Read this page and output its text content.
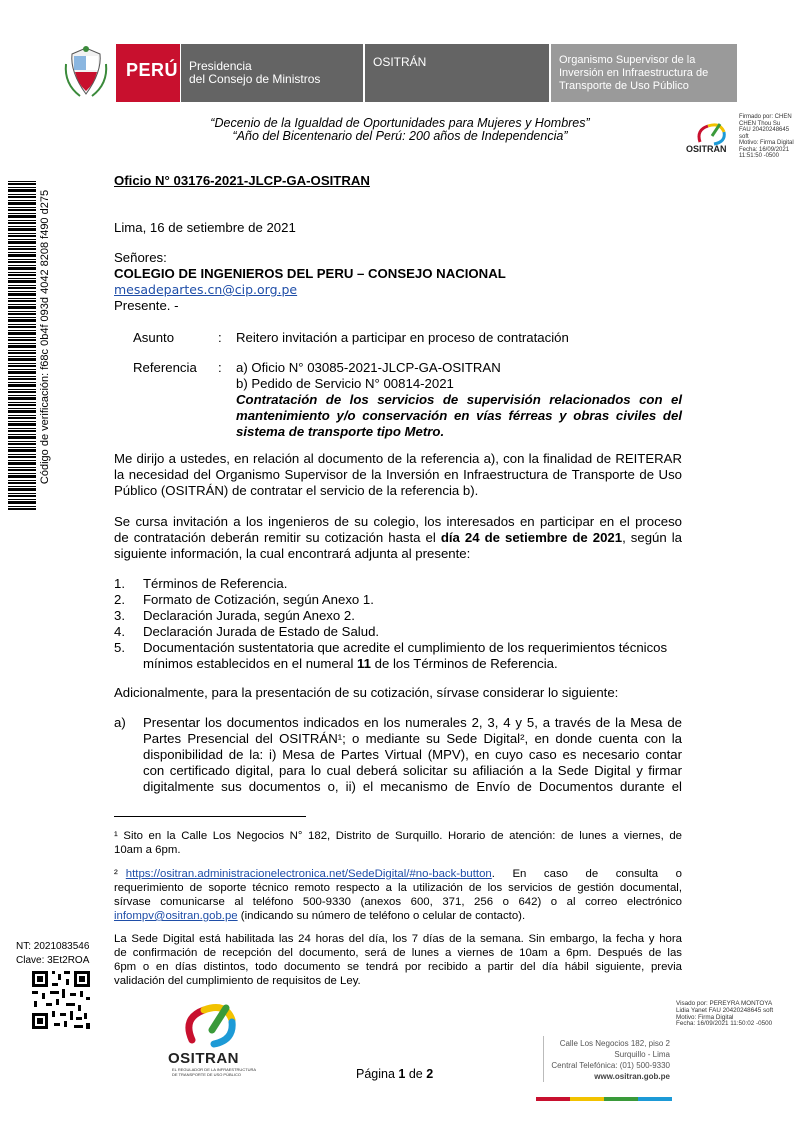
PERÚ Presidencia
del Consejo de Ministros
OSITRÁN	Organismo Supervisor de la
Inversión en Infraestructura de
Transporte de Uso Público
“Decenio de la Igualdad de Oportunidades para Mujeres y Hombres”
“Año del Bicentenario del Perú: 200 años de Independencia”
OSITRAN
Firmado por: CHEN
CHEN Thou Su
FAU 20420248645
soft
Motivo: Firma Digital
Fecha: 16/09/2021
11:51:50 -0500
Código de verificación: f68c 0b4f 093d 4042 8208 f490 d275
Oficio N° 03176-2021-JLCP-GA-OSITRAN
Lima, 16 de setiembre de 2021
Señores:
COLEGIO DE INGENIEROS DEL PERU – CONSEJO NACIONAL
mesadepartes.cn@cip.org.pe
Presente. -
Asunto	: Reitero invitación a participar en proceso de contratación
Referencia : a) Oficio N° 03085-2021-JLCP-GA-OSITRAN
b) Pedido de Servicio N° 00814-2021
Contratación de los servicios de supervisión relacionados con el
mantenimiento y/o conservación en vías férreas y obras civiles del
sistema de transporte tipo Metro.
Me dirijo a ustedes, en relación al documento de la referencia a), con la finalidad de REITERAR
la necesidad del Organismo Supervisor de la Inversión en Infraestructura de Transporte de Uso
Público (OSITRÁN) de contratar el servicio de la referencia b).
Se cursa invitación a los ingenieros de su colegio, los interesados en participar en el proceso
de contratación deberán remitir su cotización hasta el día 24 de setiembre de 2021, según la
siguiente información, la cual encontrará adjunta al presente:
1.	Términos de Referencia.
2.	Formato de Cotización, según Anexo 1.
3.	Declaración Jurada, según Anexo 2.
4.	Declaración Jurada de Estado de Salud.
5.	Documentación sustentatoria que acredite el cumplimiento de los requerimientos técnicos
mínimos establecidos en el numeral 11 de los Términos de Referencia.
Adicionalmente, para la presentación de su cotización, sírvase considerar lo siguiente:
a)	Presentar los documentos indicados en los numerales 2, 3, 4 y 5, a través de la Mesa de
Partes Presencial del OSITRÁN¹; o mediante su Sede Digital², en donde cuenta con la
disponibilidad de la: i) Mesa de Partes Virtual (MPV), en cuyo caso es necesario contar
con certificado digital, para lo cual deberá solicitar su afiliación a la Sede Digital y firmar
digitalmente sus documentos o, ii) el mecanismo de Envío de Documentos durante el
¹ Sito en la Calle Los Negocios N° 182, Distrito de Surquillo. Horario de atención: de lunes a viernes, de
10am a 6pm.
² https://ositran.administracionelectronica.net/SedeDigital/#no-back-button. En caso de consulta o
requerimiento de soporte técnico remoto respecto a la utilización de los servicios de gestión documental,
sírvase comunicarse al teléfono 500-9330 (anexos 600, 371, 256 o 642) o al correo electrónico
infompv@ositran.gob.pe (indicando su número de teléfono o celular de contacto).
La Sede Digital está habilitada las 24 horas del día, los 7 días de la semana. Sin embargo, la fecha y hora
de confirmación de recepción del documento, será de lunes a viernes de 10am a 6pm. Después de las
6pm o en días distintos, todo documento se tendrá por recibido a partir del día hábil siguiente, previa
validación del cumplimiento de requisitos de Ley.
NT: 2021083546
Clave: 3Et2ROA
Visado por: PEREYRA MONTOYA
Lidia Yanet FAU 20420248645 soft
Motivo: Firma Digital
Fecha: 16/09/2021 11:50:02 -0500
OSITRAN
EL REGULADOR DE LA INFRAESTRUCTURA
DE TRANSPORTE DE USO PÚBLICO	Página 1 de 2
Calle Los Negocios 182, piso 2
Surquillo - Lima
Central Telefónica: (01) 500-9330
www.ositran.gob.pe
